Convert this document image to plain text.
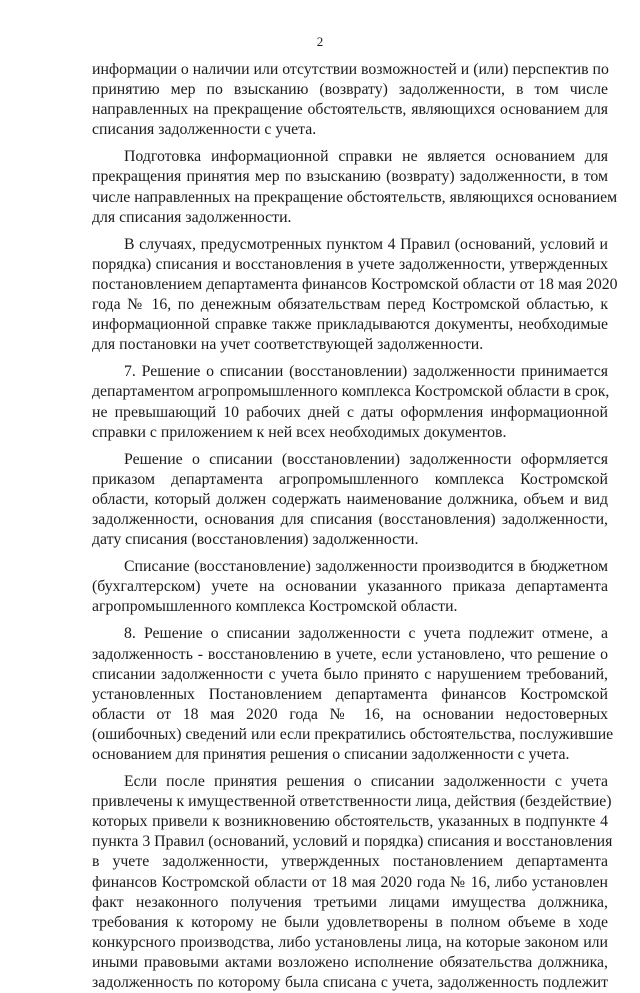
2
информации о наличии или отсутствии возможностей и (или) перспектив по
принятию мер по взысканию (возврату) задолженности, в том числе
направленных на прекращение обстоятельств, являющихся основанием для
списания задолженности с учета.
Подготовка информационной справки не является основанием для
прекращения принятия мер по взысканию (возврату) задолженности, в том
числе направленных на прекращение обстоятельств, являющихся основанием
для списания задолженности.
В случаях, предусмотренных пунктом 4 Правил (оснований, условий и
порядка) списания и восстановления в учете задолженности, утвержденных
постановлением департамента финансов Костромской области от 18 мая 2020
года № 16, по денежным обязательствам перед Костромской областью, к
информационной справке также прикладываются документы, необходимые
для постановки на учет соответствующей задолженности.
7. Решение о списании (восстановлении) задолженности принимается
департаментом агропромышленного комплекса Костромской области в срок,
не превышающий 10 рабочих дней с даты оформления информационной
справки с приложением к ней всех необходимых документов.
Решение о списании (восстановлении) задолженности оформляется
приказом департамента агропромышленного комплекса Костромской
области, который должен содержать наименование должника, объем и вид
задолженности, основания для списания (восстановления) задолженности,
дату списания (восстановления) задолженности.
Списание (восстановление) задолженности производится в бюджетном
(бухгалтерском) учете на основании указанного приказа департамента
агропромышленного комплекса Костромской области.
8. Решение о списании задолженности с учета подлежит отмене, а
задолженность - восстановлению в учете, если установлено, что решение о
списании задолженности с учета было принято с нарушением требований,
установленных Постановлением департамента финансов Костромской
области от 18 мая 2020 года № 16, на основании недостоверных
(ошибочных) сведений или если прекратились обстоятельства, послужившие
основанием для принятия решения о списании задолженности с учета.
Если после принятия решения о списании задолженности с учета
привлечены к имущественной ответственности лица, действия (бездействие)
которых привели к возникновению обстоятельств, указанных в подпункте 4
пункта 3 Правил (оснований, условий и порядка) списания и восстановления
в учете задолженности, утвержденных постановлением департамента
финансов Костромской области от 18 мая 2020 года № 16, либо установлен
факт незаконного получения третьими лицами имущества должника,
требования к которому не были удовлетворены в полном объеме в ходе
конкурсного производства, либо установлены лица, на которые законом или
иными правовыми актами возложено исполнение обязательства должника,
задолженность по которому была списана с учета, задолженность подлежит
